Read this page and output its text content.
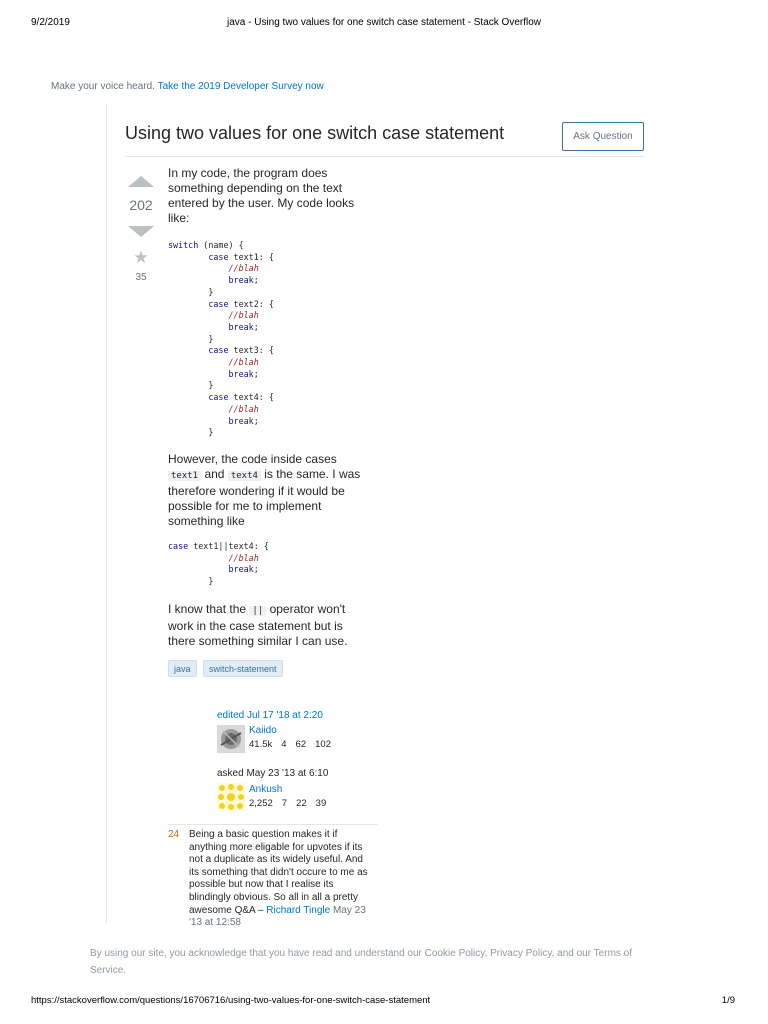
9/2/2019	java - Using two values for one switch case statement - Stack Overflow
Make your voice heard. Take the 2019 Developer Survey now
Using two values for one switch case statement	Ask Question
202
★
35
In my code, the program does
something depending on the text
entered by the user. My code looks
like:
switch (name) {
case text1: {
//blah
break;
}
case text2: {
//blah
break;
}
case text3: {
//blah
break;
}
case text4: {
//blah
break;
}
However, the code inside cases
text1 and text4 is the same. I was
therefore wondering if it would be
possible for me to implement
something like
case text1||text4: {
//blah
break;
}
I know that the || operator won't
work in the case statement but is
there something similar I can use.
java	switch-statement
edited Jul 17 '18 at 2:20
Kaiido
41.5k 4 62 102
asked May 23 '13 at 6:10
Ankush
2,252 7 22 39
24 Being a basic question makes it if anything more eligable for upvotes if its not a duplicate as its widely useful. And its something that didn't occure to me as possible but now that I realise its blindingly obvious. So all in all a pretty awesome Q&A – Richard Tingle May 23 '13 at 12:58
By using our site, you acknowledge that you have read and understand our Cookie Policy, Privacy Policy, and our Terms of Service.
https://stackoverflow.com/questions/16706716/using-two-values-for-one-switch-case-statement	1/9
